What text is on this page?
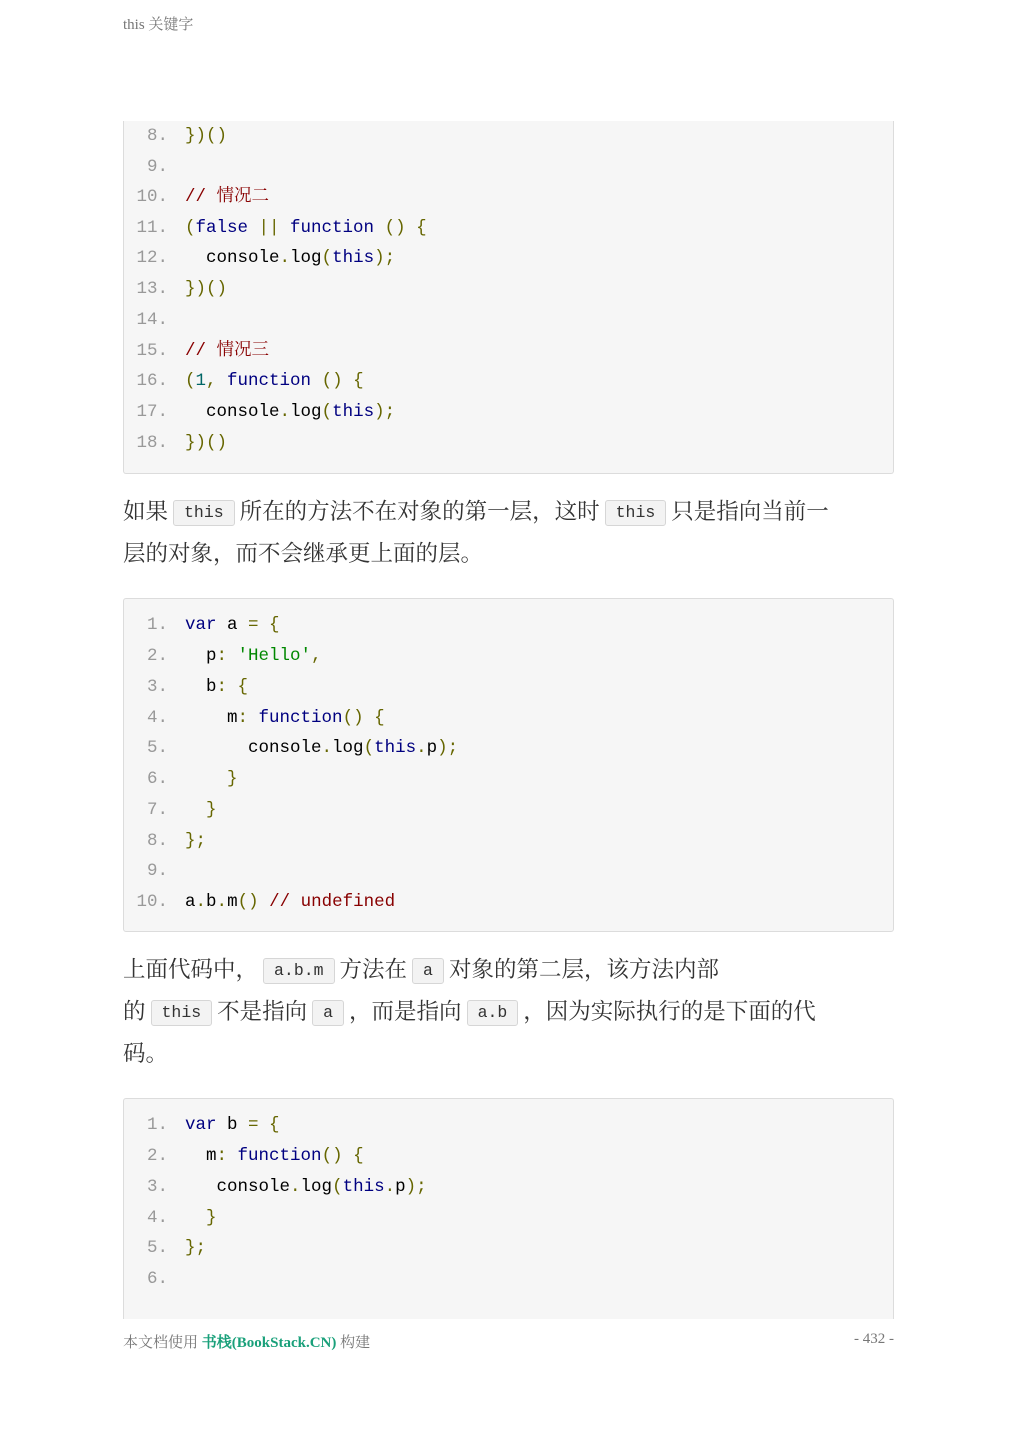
this 关键字
8. })()
9.
10. // 情况二
11. (false || function () {
12.  console.log(this);
13. })()
14.
15. // 情况三
16. (1, function () {
17.  console.log(this);
18. })()
如果 this 所在的方法不在对象的第一层，这时 this 只是指向当前一
层的对象，而不会继承更上面的层。
1. var a = {
2.  p: 'Hello',
3.  b: {
4.    m: function() {
5.      console.log(this.p);
6.    }
7.  }
8. };
9.
10. a.b.m() // undefined
上面代码中， a.b.m 方法在 a 对象的第二层，该方法内部
的 this 不是指向 a ，而是指向 a.b ，因为实际执行的是下面的代
码。
1. var b = {
2.  m: function() {
3.   console.log(this.p);
4.  }
5. };
6.
本文档使用 书栈(BookStack.CN) 构建	- 432 -
